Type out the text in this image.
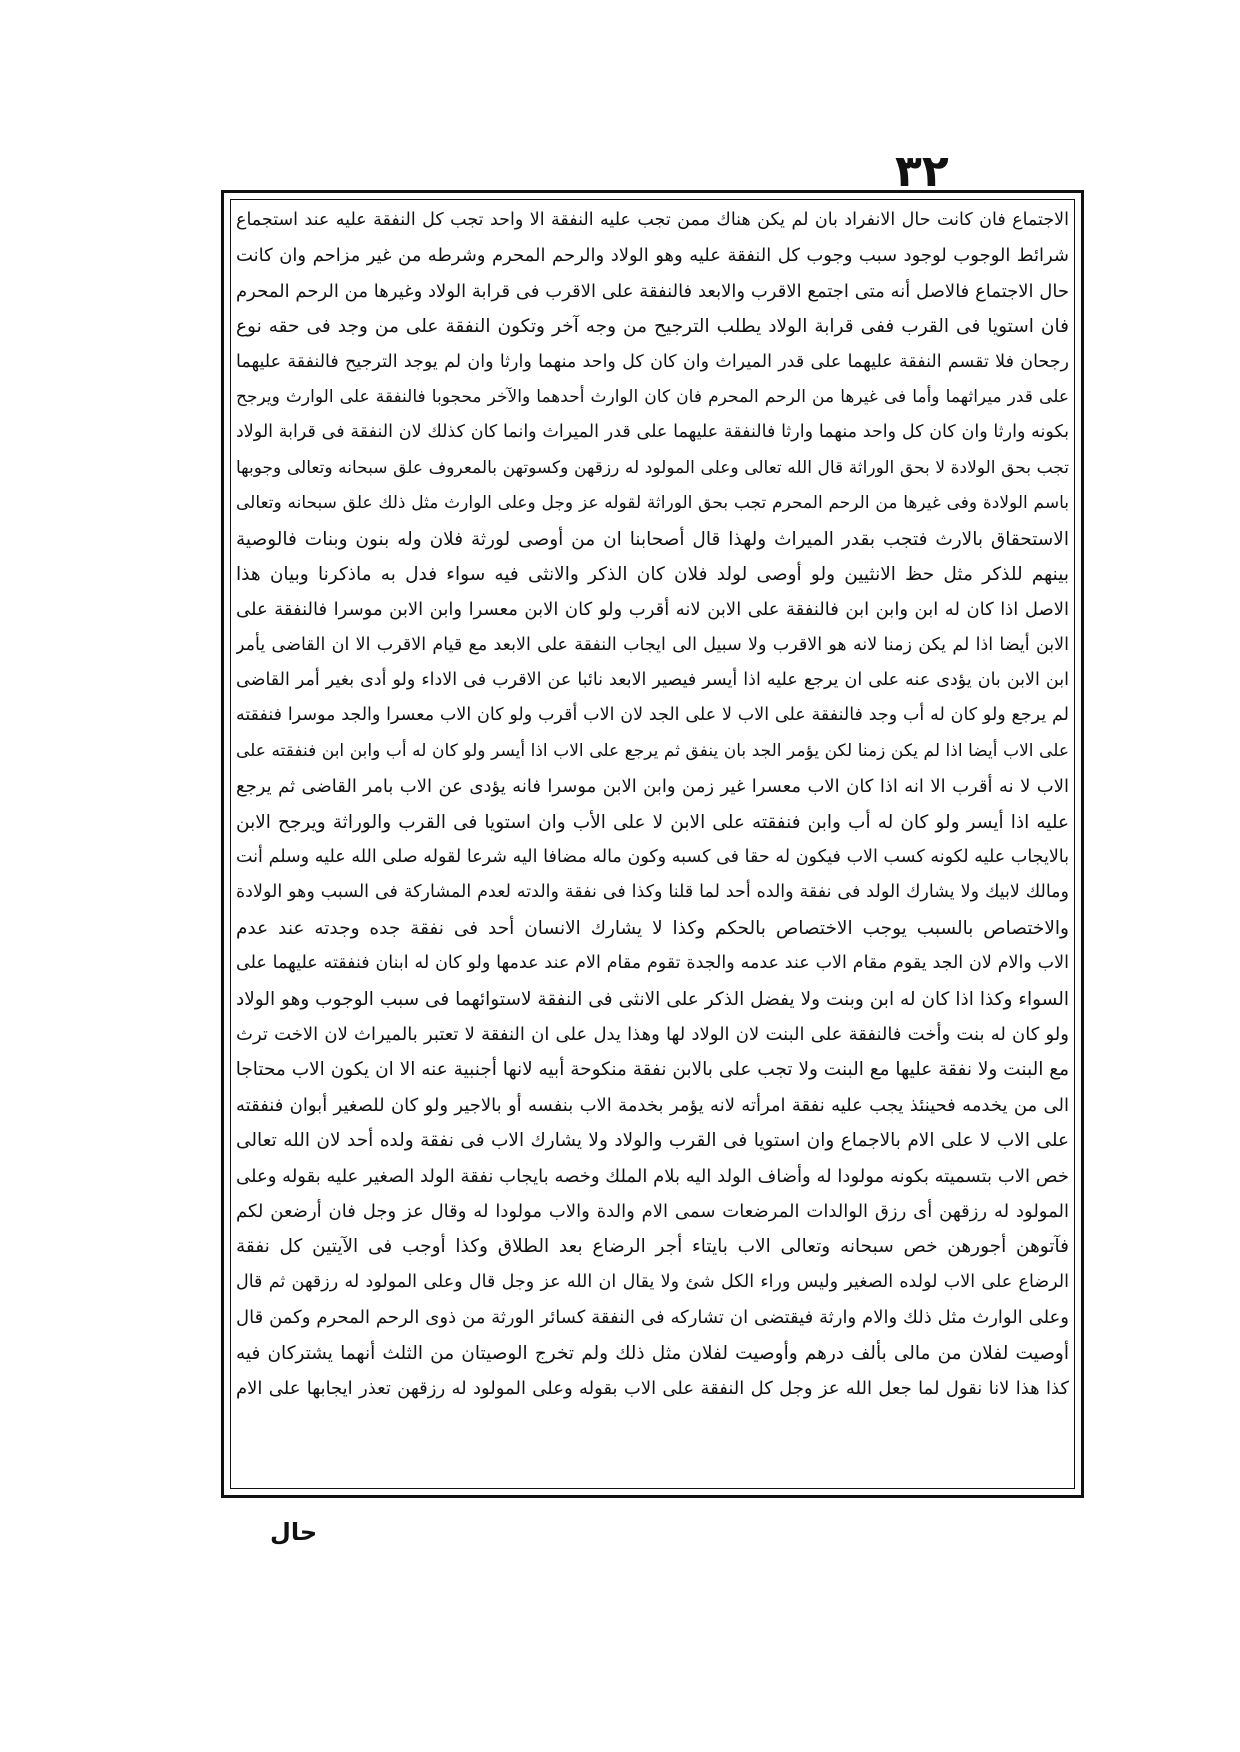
٣٢
الاجتماع فان كانت حال الانفراد بان لم يكن هناك ممن تجب عليه النفقة الا واحد تجب كل النفقة عليه عند استجماع
شرائط الوجوب لوجود سبب وجوب كل النفقة عليه وهو الولاد والرحم المحرم وشرطه من غير مزاحم وان كانت
حال الاجتماع فالاصل أنه متى اجتمع الاقرب والابعد فالنفقة على الاقرب فى قرابة الولاد وغيرها من الرحم المحرم
فان استويا فى القرب ففى قرابة الولاد يطلب الترجيح من وجه آخر وتكون النفقة على من وجد فى حقه نوع
رجحان فلا تقسم النفقة عليهما على قدر الميراث وان كان كل واحد منهما وارثا وان لم يوجد الترجيح فالنفقة عليهما
على قدر ميراثهما وأما فى غيرها من الرحم المحرم فان كان الوارث أحدهما والآخر محجوبا فالنفقة على الوارث ويرجح
بكونه وارثا وان كان كل واحد منهما وارثا فالنفقة عليهما على قدر الميراث وانما كان كذلك لان النفقة فى قرابة الولاد
تجب بحق الولادة لا بحق الوراثة قال الله تعالى وعلى المولود له رزقهن وكسوتهن بالمعروف علق سبحانه وتعالى وجوبها
باسم الولادة وفى غيرها من الرحم المحرم تجب بحق الوراثة لقوله عز وجل وعلى الوارث مثل ذلك علق سبحانه وتعالى
الاستحقاق بالارث فتجب بقدر الميراث ولهذا قال أصحابنا ان من أوصى لورثة فلان وله بنون وبنات فالوصية
بينهم للذكر مثل حظ الانثيين ولو أوصى لولد فلان كان الذكر والانثى فيه سواء فدل به ماذكرنا وبيان هذا
الاصل اذا كان له ابن وابن ابن فالنفقة على الابن لانه أقرب ولو كان الابن معسرا وابن الابن موسرا فالنفقة على
الابن أيضا اذا لم يكن زمنا لانه هو الاقرب ولا سبيل الى ايجاب النفقة على الابعد مع قيام الاقرب الا ان القاضى يأمر
ابن الابن بان يؤدى عنه على ان يرجع عليه اذا أيسر فيصير الابعد نائبا عن الاقرب فى الاداء ولو أدى بغير أمر القاضى
لم يرجع ولو كان له أب وجد فالنفقة على الاب لا على الجد لان الاب أقرب ولو كان الاب معسرا والجد موسرا فنفقته
على الاب أيضا اذا لم يكن زمنا لكن يؤمر الجد بان ينفق ثم يرجع على الاب اذا أيسر ولو كان له أب وابن ابن فنفقته على
الاب لا نه أقرب الا انه اذا كان الاب معسرا غير زمن وابن الابن موسرا فانه يؤدى عن الاب بامر القاضى ثم يرجع
عليه اذا أيسر ولو كان له أب وابن فنفقته على الابن لا على الأب وان استويا فى القرب والوراثة ويرجح الابن
بالايجاب عليه لكونه كسب الاب فيكون له حقا فى كسبه وكون ماله مضافا اليه شرعا لقوله صلى الله عليه وسلم أنت
ومالك لابيك ولا يشارك الولد فى نفقة والده أحد لما قلنا وكذا فى نفقة والدته لعدم المشاركة فى السبب وهو الولادة
والاختصاص بالسبب يوجب الاختصاص بالحكم وكذا لا يشارك الانسان أحد فى نفقة جده وجدته عند عدم
الاب والام لان الجد يقوم مقام الاب عند عدمه والجدة تقوم مقام الام عند عدمها ولو كان له ابنان فنفقته عليهما على
السواء وكذا اذا كان له ابن وبنت ولا يفضل الذكر على الانثى فى النفقة لاستوائهما فى سبب الوجوب وهو الولاد
ولو كان له بنت وأخت فالنفقة على البنت لان الولاد لها وهذا يدل على ان النفقة لا تعتبر بالميراث لان الاخت ترث
مع البنت ولا نفقة عليها مع البنت ولا تجب على بالابن نفقة منكوحة أبيه لانها أجنبية عنه الا ان يكون الاب محتاجا
الى من يخدمه فحينئذ يجب عليه نفقة امرأته لانه يؤمر بخدمة الاب بنفسه أو بالاجير ولو كان للصغير أبوان فنفقته
على الاب لا على الام بالاجماع وان استويا فى القرب والولاد ولا يشارك الاب فى نفقة ولده أحد لان الله تعالى
خص الاب بتسميته بكونه مولودا له وأضاف الولد اليه بلام الملك وخصه بايجاب نفقة الولد الصغير عليه بقوله وعلى
المولود له رزقهن أى رزق الوالدات المرضعات سمى الام والدة والاب مولودا له وقال عز وجل فان أرضعن لكم
فآتوهن أجورهن خص سبحانه وتعالى الاب بايتاء أجر الرضاع بعد الطلاق وكذا أوجب فى الآيتين كل نفقة
الرضاع على الاب لولده الصغير وليس وراء الكل شئ ولا يقال ان الله عز وجل قال وعلى المولود له رزقهن ثم قال
وعلى الوارث مثل ذلك والام وارثة فيقتضى ان تشاركه فى النفقة كسائر الورثة من ذوى الرحم المحرم وكمن قال
أوصيت لفلان من مالى بألف درهم وأوصيت لفلان مثل ذلك ولم تخرج الوصيتان من الثلث أنهما يشتركان فيه
كذا هذا لانا نقول لما جعل الله عز وجل كل النفقة على الاب بقوله وعلى المولود له رزقهن تعذر ايجابها على الام
حال
